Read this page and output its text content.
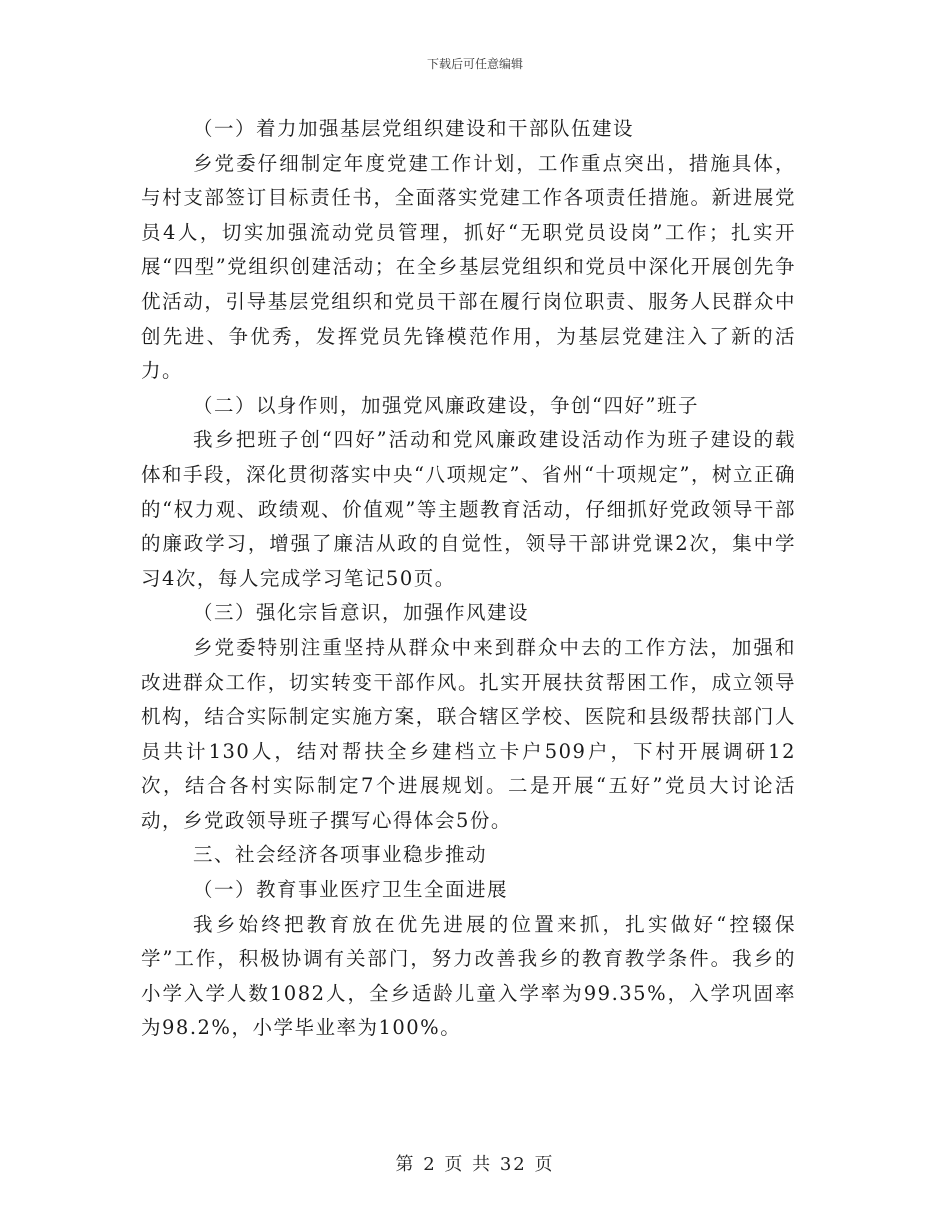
下载后可任意编辑

（一）着力加强基层党组织建设和干部队伍建设

乡党委仔细制定年度党建工作计划，工作重点突出，措施具体，与村支部签订目标责任书，全面落实党建工作各项责任措施。新进展党员4人，切实加强流动党员管理，抓好“无职党员设岗”工作；扎实开展“四型”党组织创建活动；在全乡基层党组织和党员中深化开展创先争优活动，引导基层党组织和党员干部在履行岗位职责、服务人民群众中创先进、争优秀，发挥党员先锋模范作用，为基层党建注入了新的活力。

（二）以身作则，加强党风廉政建设，争创“四好”班子

我乡把班子创“四好”活动和党风廉政建设活动作为班子建设的载体和手段，深化贯彻落实中央“八项规定”、省州“十项规定”，树立正确的“权力观、政绩观、价值观”等主题教育活动，仔细抓好党政领导干部的廉政学习，增强了廉洁从政的自觉性，领导干部讲党课2次，集中学习4次，每人完成学习笔记50页。

（三）强化宗旨意识，加强作风建设

乡党委特别注重坚持从群众中来到群众中去的工作方法，加强和改进群众工作，切实转变干部作风。扎实开展扶贫帮困工作，成立领导机构，结合实际制定实施方案，联合辖区学校、医院和县级帮扶部门人员共计130人，结对帮扶全乡建档立卡户509户，下村开展调研12次，结合各村实际制定7个进展规划。二是开展“五好”党员大讨论活动，乡党政领导班子撰写心得体会5份。

三、社会经济各项事业稳步推动

（一）教育事业医疗卫生全面进展

我乡始终把教育放在优先进展的位置来抓，扎实做好“控辍保学”工作，积极协调有关部门，努力改善我乡的教育教学条件。我乡的小学入学人数1082人，全乡适龄儿童入学率为99.35%，入学巩固率为98.2%，小学毕业率为100%。

第 2 页 共 32 页
